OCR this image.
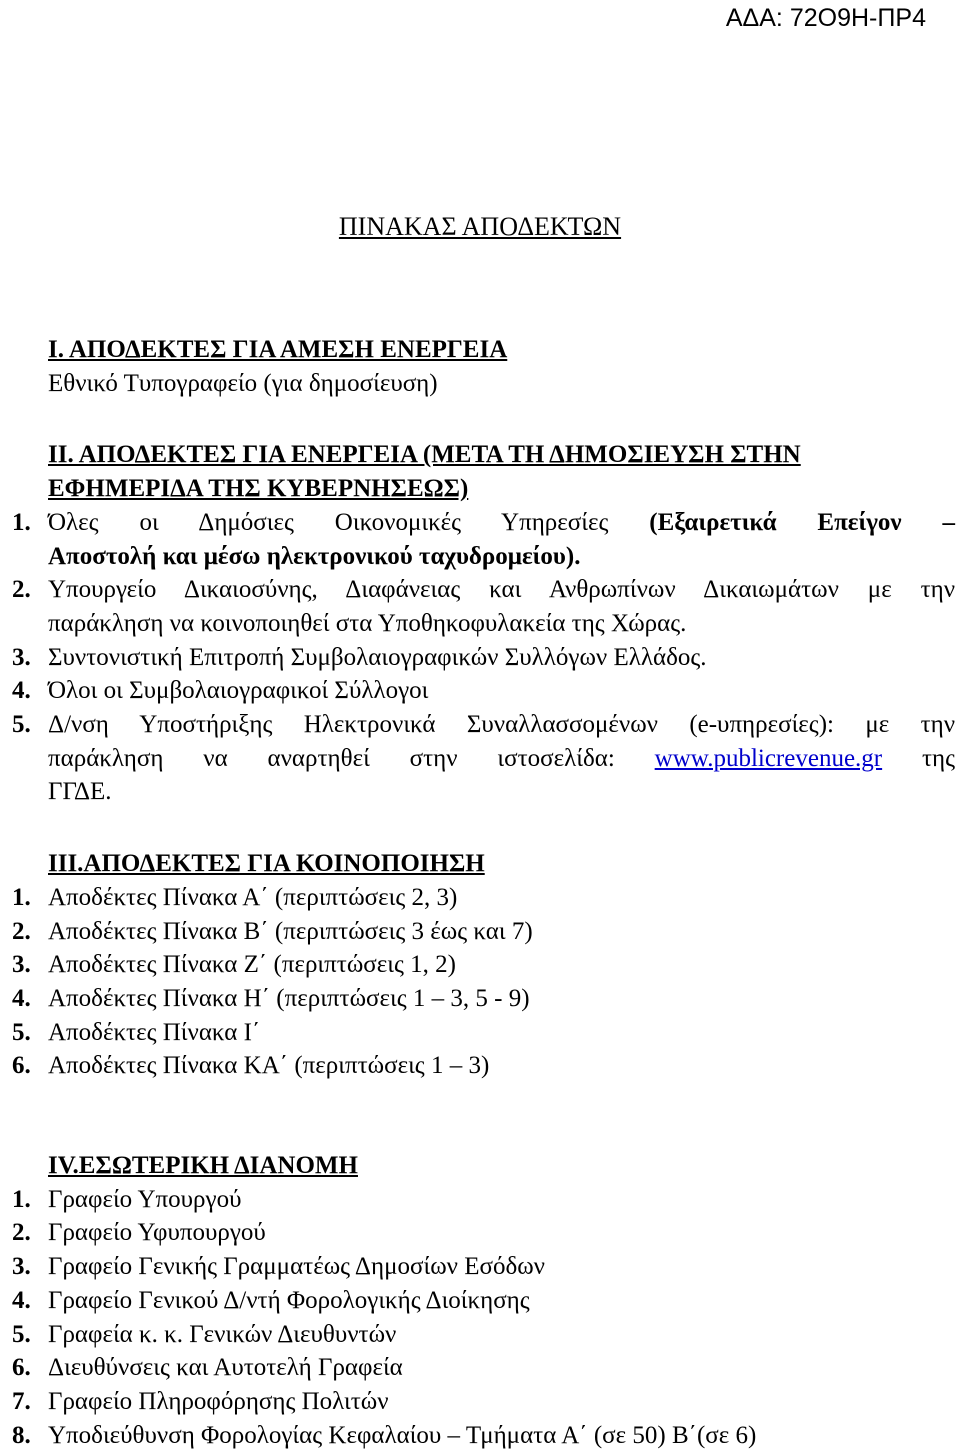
ΑΔΑ: 72Ο9Η-ΠΡ4
ΠΙΝΑΚΑΣ ΑΠΟΔΕΚΤΩΝ
Ι. ΑΠΟΔΕΚΤΕΣ ΓΙΑ ΑΜΕΣΗ ΕΝΕΡΓΕΙΑ
Εθνικό Τυπογραφείο (για δημοσίευση)
ΙΙ. ΑΠΟΔΕΚΤΕΣ ΓΙΑ ΕΝΕΡΓΕΙΑ (ΜΕΤΑ ΤΗ ΔΗΜΟΣΙΕΥΣΗ ΣΤΗΝ
ΕΦΗΜΕΡΙΔΑ ΤΗΣ ΚΥΒΕΡΝΗΣΕΩΣ)
1. Όλες οι Δημόσιες Οικονομικές Υπηρεσίες (Εξαιρετικά Επείγον –
Αποστολή και μέσω ηλεκτρονικού ταχυδρομείου).
2. Υπουργείο Δικαιοσύνης, Διαφάνειας και Ανθρωπίνων Δικαιωμάτων με την
παράκληση να κοινοποιηθεί στα Υποθηκοφυλακεία της Χώρας.
3. Συντονιστική Επιτροπή Συμβολαιογραφικών Συλλόγων Ελλάδος.
4. Όλοι οι Συμβολαιογραφικοί Σύλλογοι
5. Δ/νση Υποστήριξης Ηλεκτρονικά Συναλλασσομένων (e-υπηρεσίες): με την
παράκληση να αναρτηθεί στην ιστοσελίδα: www.publicrevenue.gr της
ΓΓΔΕ.
ΙΙΙ.ΑΠΟΔΕΚΤΕΣ ΓΙΑ ΚΟΙΝΟΠΟΙΗΣΗ
1. Αποδέκτες Πίνακα Α΄ (περιπτώσεις 2, 3)
2. Αποδέκτες Πίνακα Β΄ (περιπτώσεις 3 έως και 7)
3. Αποδέκτες Πίνακα Ζ΄ (περιπτώσεις 1, 2)
4. Αποδέκτες Πίνακα Η΄ (περιπτώσεις 1 – 3, 5 - 9)
5. Αποδέκτες Πίνακα Ι΄
6. Αποδέκτες Πίνακα ΚΑ΄ (περιπτώσεις 1 – 3)
ΙV.ΕΣΩΤΕΡΙΚΗ ΔΙΑΝΟΜΗ
1. Γραφείο Υπουργού
2. Γραφείο Υφυπουργού
3. Γραφείο Γενικής Γραμματέως Δημοσίων Εσόδων
4. Γραφείο Γενικού Δ/ντή Φορολογικής Διοίκησης
5. Γραφεία κ. κ. Γενικών Διευθυντών
6. Διευθύνσεις και Αυτοτελή Γραφεία
7. Γραφείο Πληροφόρησης Πολιτών
8. Υποδιεύθυνση Φορολογίας Κεφαλαίου – Τμήματα Α΄ (σε 50) Β΄(σε 6)
